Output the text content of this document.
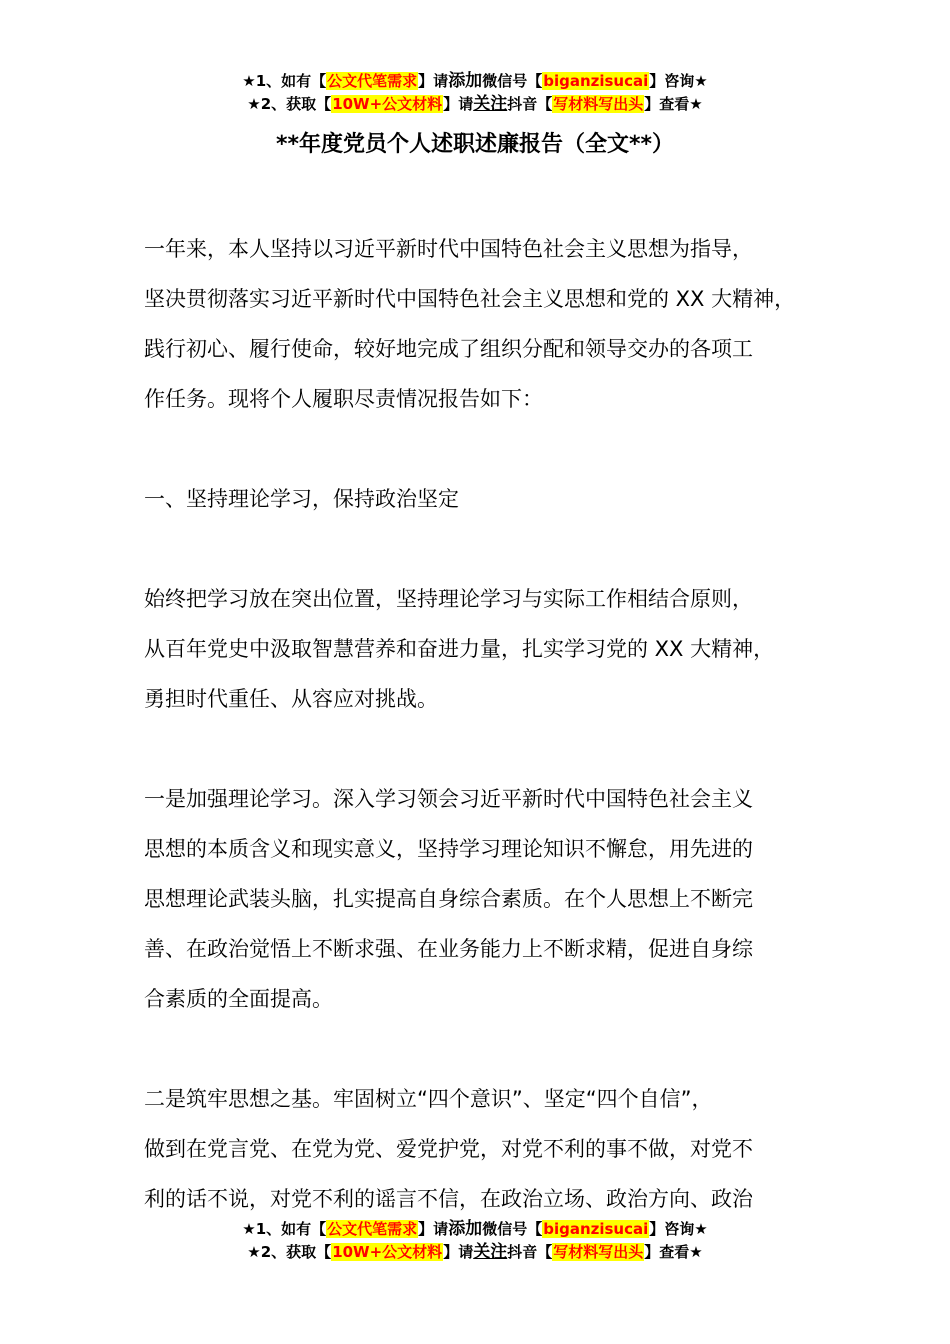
★1、如有【公文代笔需求】请添加微信号【biganzisucai】咨询★
★2、获取【10W+公文材料】请关注抖音【写材料写出头】查看★
**年度党员个人述职述廉报告（全文**）
一年来，本人坚持以习近平新时代中国特色社会主义思想为指导，
坚决贯彻落实习近平新时代中国特色社会主义思想和党的 XX 大精神，
践行初心、履行使命，较好地完成了组织分配和领导交办的各项工
作任务。现将个人履职尽责情况报告如下：
一、坚持理论学习，保持政治坚定
始终把学习放在突出位置，坚持理论学习与实际工作相结合原则，
从百年党史中汲取智慧营养和奋进力量，扎实学习党的 XX 大精神，
勇担时代重任、从容应对挑战。
一是加强理论学习。深入学习领会习近平新时代中国特色社会主义
思想的本质含义和现实意义，坚持学习理论知识不懈怠，用先进的
思想理论武装头脑，扎实提高自身综合素质。在个人思想上不断完
善、在政治觉悟上不断求强、在业务能力上不断求精，促进自身综
合素质的全面提高。
二是筑牢思想之基。牢固树立“四个意识”、坚定“四个自信”，
做到在党言党、在党为党、爱党护党，对党不利的事不做，对党不
利的话不说，对党不利的谣言不信，在政治立场、政治方向、政治
★1、如有【公文代笔需求】请添加微信号【biganzisucai】咨询★
★2、获取【10W+公文材料】请关注抖音【写材料写出头】查看★
